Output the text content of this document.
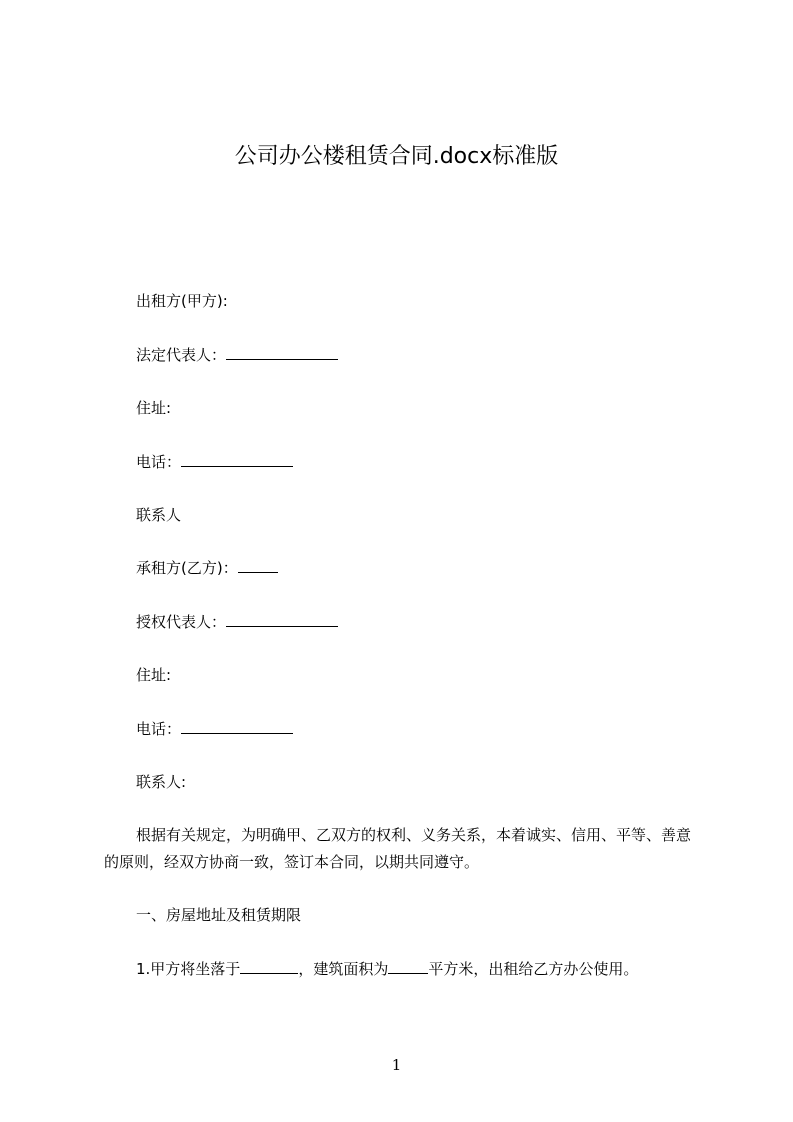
公司办公楼租赁合同.docx标准版
出租方(甲方):
法定代表人：
住址:
电话：
联系人
承租方(乙方)：
授权代表人：
住址:
电话：
联系人:
根据有关规定，为明确甲、乙双方的权利、义务关系，本着诚实、信用、平等、善意的原则，经双方协商一致，签订本合同，以期共同遵守。
一、房屋地址及租赁期限
1.甲方将坐落于	，建筑面积为	平方米，出租给乙方办公使用。
1
